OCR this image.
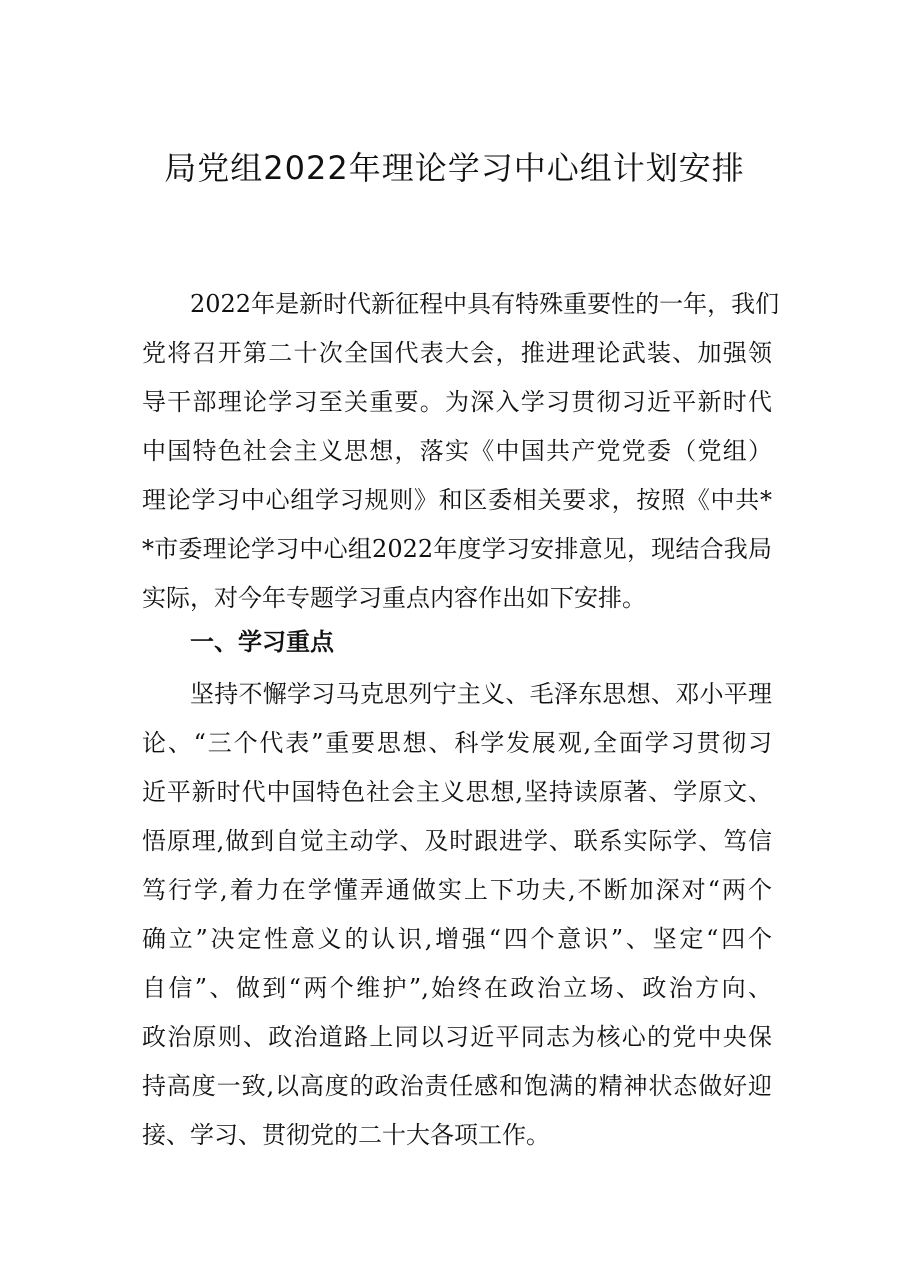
局党组2022年理论学习中心组计划安排
2022年是新时代新征程中具有特殊重要性的一年，我们
党将召开第二十次全国代表大会，推进理论武装、加强领
导干部理论学习至关重要。为深入学习贯彻习近平新时代
中国特色社会主义思想，落实《中国共产党党委（党组）
理论学习中心组学习规则》和区委相关要求，按照《中共*
*市委理论学习中心组2022年度学习安排意见，现结合我局
实际，对今年专题学习重点内容作出如下安排。
一、学习重点
坚持不懈学习马克思列宁主义、毛泽东思想、邓小平理
论、“三个代表”重要思想、科学发展观,全面学习贯彻习
近平新时代中国特色社会主义思想,坚持读原著、学原文、
悟原理,做到自觉主动学、及时跟进学、联系实际学、笃信
笃行学,着力在学懂弄通做实上下功夫,不断加深对“两个
确立”决定性意义的认识,增强“四个意识”、坚定“四个
自信”、做到“两个维护”,始终在政治立场、政治方向、
政治原则、政治道路上同以习近平同志为核心的党中央保
持高度一致,以高度的政治责任感和饱满的精神状态做好迎
接、学习、贯彻党的二十大各项工作。
